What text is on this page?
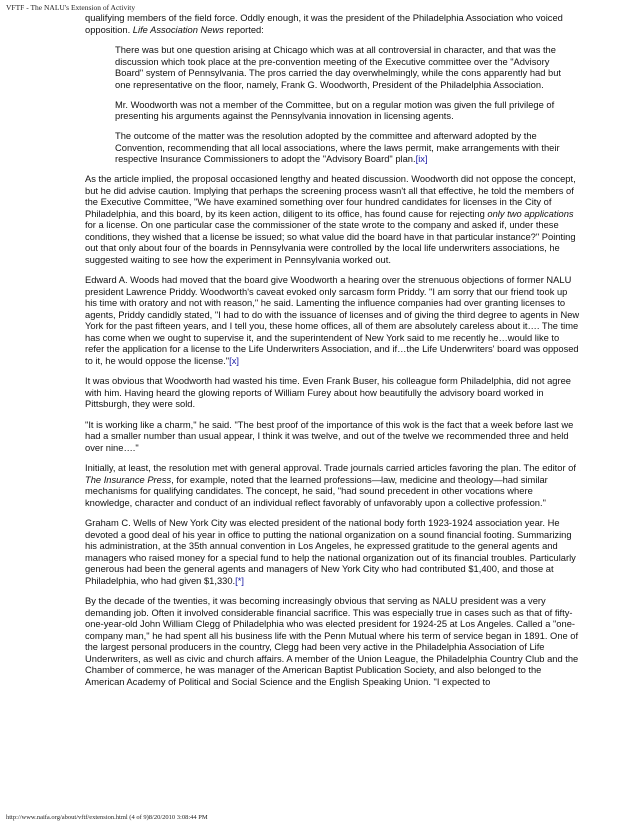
VFTF - The NALU's Extension of Activity

qualifying members of the field force. Oddly enough, it was the president of the Philadelphia Association who voiced opposition. Life Association News reported:

There was but one question arising at Chicago which was at all controversial in character, and that was the discussion which took place at the pre-convention meeting of the Executive committee over the "Advisory Board" system of Pennsylvania. The pros carried the day overwhelmingly, while the cons apparently had but one representative on the floor, namely, Frank G. Woodworth, President of the Philadelphia Association.

Mr. Woodworth was not a member of the Committee, but on a regular motion was given the full privilege of presenting his arguments against the Pennsylvania innovation in licensing agents.

The outcome of the matter was the resolution adopted by the committee and afterward adopted by the Convention, recommending that all local associations, where the laws permit, make arrangements with their respective Insurance Commissioners to adopt the "Advisory Board" plan.[ix]

As the article implied, the proposal occasioned lengthy and heated discussion. Woodworth did not oppose the concept, but he did advise caution. Implying that perhaps the screening process wasn't all that effective, he told the members of the Executive Committee, "We have examined something over four hundred candidates for licenses in the City of Philadelphia, and this board, by its keen action, diligent to its office, has found cause for rejecting only two applications for a license. On one particular case the commissioner of the state wrote to the company and asked if, under these conditions, they wished that a license be issued; so what value did the board have in that particular instance?" Pointing out that only about four of the boards in Pennsylvania were controlled by the local life underwriters associations, he suggested waiting to see how the experiment in Pennsylvania worked out.

Edward A. Woods had moved that the board give Woodworth a hearing over the strenuous objections of former NALU president Lawrence Priddy. Woodworth's caveat evoked only sarcasm form Priddy. "I am sorry that our friend took up his time with oratory and not with reason," he said. Lamenting the influence companies had over granting licenses to agents, Priddy candidly stated, "I had to do with the issuance of licenses and of giving the third degree to agents in New York for the past fifteen years, and I tell you, these home offices, all of them are absolutely careless about it…. The time has come when we ought to supervise it, and the superintendent of New York said to me recently he…would like to refer the application for a license to the Life Underwriters Association, and if…the Life Underwriters' board was opposed to it, he would oppose the license."[x]

It was obvious that Woodworth had wasted his time. Even Frank Buser, his colleague form Philadelphia, did not agree with him. Having heard the glowing reports of William Furey about how beautifully the advisory board worked in Pittsburgh, they were sold.

"It is working like a charm," he said. "The best proof of the importance of this wok is the fact that a week before last we had a smaller number than usual appear, I think it was twelve, and out of the twelve we recommended three and held over nine…."

Initially, at least, the resolution met with general approval. Trade journals carried articles favoring the plan. The editor of The Insurance Press, for example, noted that the learned professions—law, medicine and theology—had similar mechanisms for qualifying candidates. The concept, he said, "had sound precedent in other vocations where knowledge, character and conduct of an individual reflect favorably of unfavorably upon a collective profession."

Graham C. Wells of New York City was elected president of the national body forth 1923-1924 association year. He devoted a good deal of his year in office to putting the national organization on a sound financial footing. Summarizing his administration, at the 35th annual convention in Los Angeles, he expressed gratitude to the general agents and managers who raised money for a special fund to help the national organization out of its financial troubles. Particularly generous had been the general agents and managers of New York City who had contributed $1,400, and those at Philadelphia, who had given $1,330.[*]

By the decade of the twenties, it was becoming increasingly obvious that serving as NALU president was a very demanding job. Often it involved considerable financial sacrifice. This was especially true in cases such as that of fifty-one-year-old John William Clegg of Philadelphia who was elected president for 1924-25 at Los Angeles. Called a "one-company man," he had spent all his business life with the Penn Mutual where his term of service began in 1891. One of the largest personal producers in the country, Clegg had been very active in the Philadelphia Association of Life Underwriters, as well as civic and church affairs. A member of the Union League, the Philadelphia Country Club and the Chamber of commerce, he was manager of the American Baptist Publication Society, and also belonged to the American Academy of Political and Social Science and the English Speaking Union. "I expected to

http://www.naifa.org/about/vftf/extension.html (4 of 9)8/20/2010 3:08:44 PM
